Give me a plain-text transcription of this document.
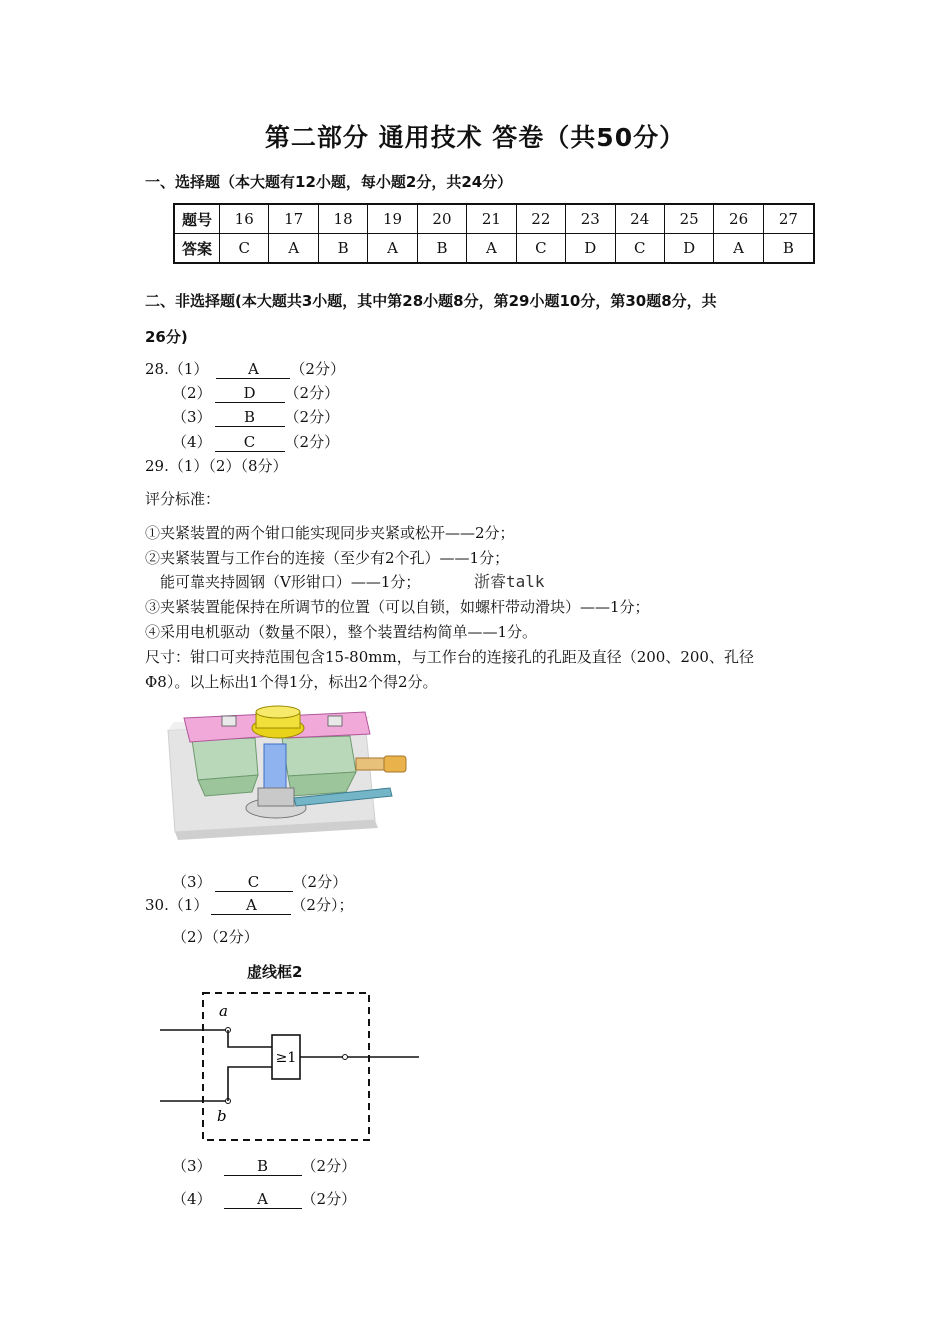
第二部分 通用技术 答卷（共50分）
一、选择题（本大题有12小题，每小题2分，共24分）
题号	16	17	18	19	20	21	22	23	24	25	26	27
答案	C	A	B	A	B	A	C	D	C	D	A	B
二、非选择题(本大题共3小题，其中第28小题8分，第29小题10分，第30题8分，共
26分)
28.（1）	A （2分）
（2） D （2分）
（3） B （2分）
（4） C （2分）
29.（1）（2）（8分）
评分标准：
①夹紧装置的两个钳口能实现同步夹紧或松开——2分；
②夹紧装置与工作台的连接（至少有2个孔）——1分；
能可靠夹持圆钢（V形钳口）——1分；	浙睿talk
③夹紧装置能保持在所调节的位置（可以自锁，如螺杆带动滑块）——1分；
④采用电机驱动（数量不限），整个装置结构简单——1分。
尺寸：钳口可夹持范围包含15-80mm，与工作台的连接孔的孔距及直径（200、200、孔径
Φ8）。以上标出1个得1分，标出2个得2分。
（3） C （2分）
30.（1）	A （2分）；
（2）（2分）
虚线框2
≥1
a
b
（3）	B （2分）
（4）	A （2分）
